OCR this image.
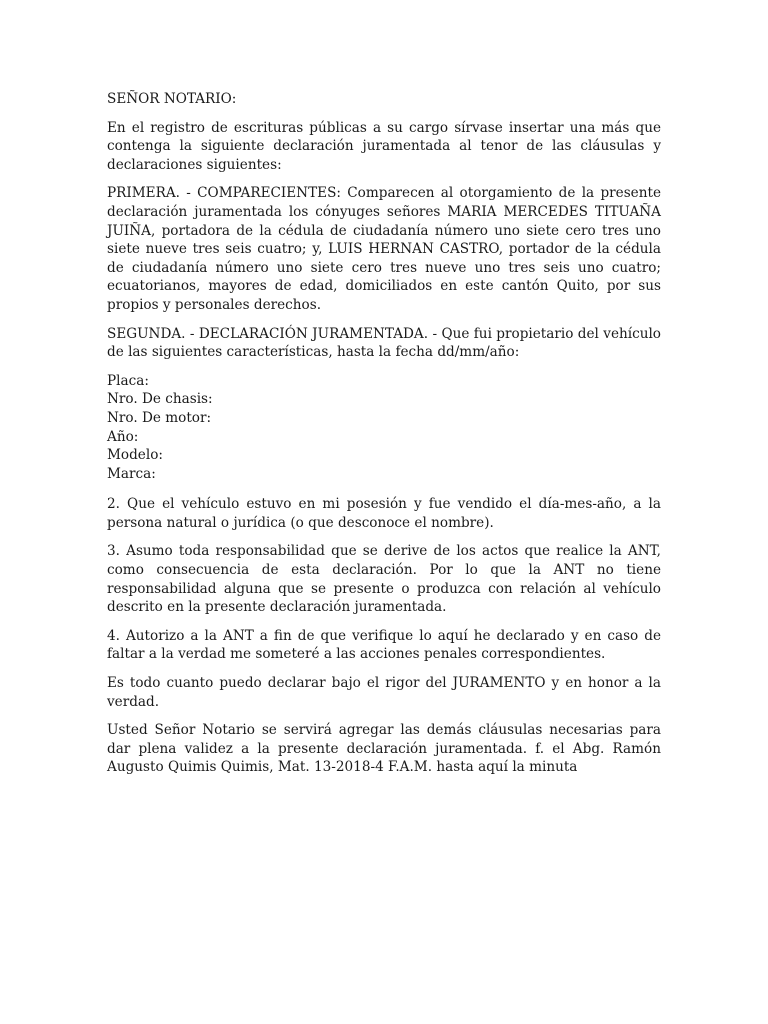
SEÑOR NOTARIO:

En el registro de escrituras públicas a su cargo sírvase insertar una más que contenga la siguiente declaración juramentada al tenor de las cláusulas y declaraciones siguientes:

PRIMERA. - COMPARECIENTES: Comparecen al otorgamiento de la presente declaración juramentada los cónyuges señores MARIA MERCEDES TITUAÑA JUIÑA, portadora de la cédula de ciudadanía número uno siete cero tres uno siete nueve tres seis cuatro; y, LUIS HERNAN CASTRO, portador de la cédula de ciudadanía número uno siete cero tres nueve uno tres seis uno cuatro; ecuatorianos, mayores de edad, domiciliados en este cantón Quito, por sus propios y personales derechos.

SEGUNDA. - DECLARACIÓN JURAMENTADA. - Que fui propietario del vehículo de las siguientes características, hasta la fecha dd/mm/año:

Placa:
Nro. De chasis:
Nro. De motor:
Año:
Modelo:
Marca:

2. Que el vehículo estuvo en mi posesión y fue vendido el día-mes-año, a la persona natural o jurídica (o que desconoce el nombre).

3. Asumo toda responsabilidad que se derive de los actos que realice la ANT, como consecuencia de esta declaración. Por lo que la ANT no tiene responsabilidad alguna que se presente o produzca con relación al vehículo descrito en la presente declaración juramentada.

4. Autorizo a la ANT a fin de que verifique lo aquí he declarado y en caso de faltar a la verdad me someteré a las acciones penales correspondientes.

Es todo cuanto puedo declarar bajo el rigor del JURAMENTO y en honor a la verdad.

Usted Señor Notario se servirá agregar las demás cláusulas necesarias para dar plena validez a la presente declaración juramentada. f. el Abg. Ramón Augusto Quimis Quimis, Mat. 13-2018-4 F.A.M. hasta aquí la minuta
